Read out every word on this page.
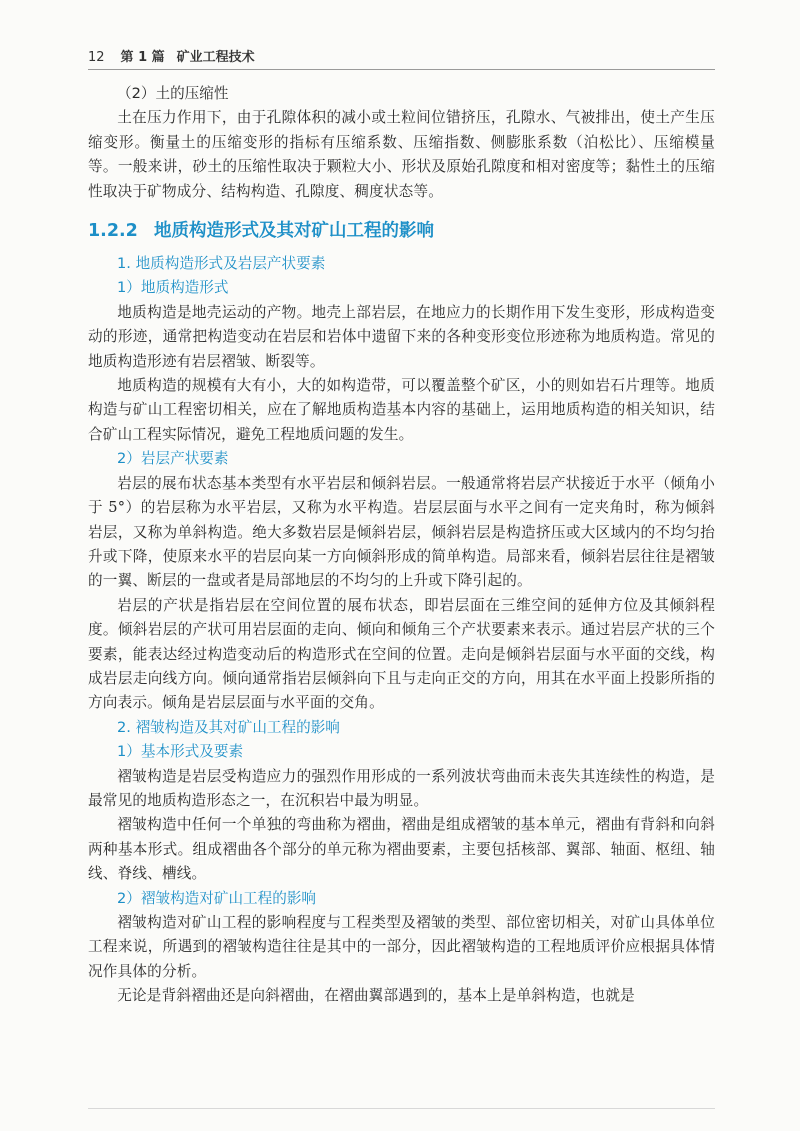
12 第 1 篇 矿业工程技术
（2）土的压缩性

土在压力作用下，由于孔隙体积的减小或土粒间位错挤压，孔隙水、气被排出，使土产生压缩变形。衡量土的压缩变形的指标有压缩系数、压缩指数、侧膨胀系数（泊松比）、压缩模量等。一般来讲，砂土的压缩性取决于颗粒大小、形状及原始孔隙度和相对密度等；黏性土的压缩性取决于矿物成分、结构构造、孔隙度、稠度状态等。

1.2.2 地质构造形式及其对矿山工程的影响
1. 地质构造形式及岩层产状要素
1）地质构造形式

地质构造是地壳运动的产物。地壳上部岩层，在地应力的长期作用下发生变形，形成构造变动的形迹，通常把构造变动在岩层和岩体中遗留下来的各种变形变位形迹称为地质构造。常见的地质构造形迹有岩层褶皱、断裂等。

地质构造的规模有大有小，大的如构造带，可以覆盖整个矿区，小的则如岩石片理等。地质构造与矿山工程密切相关，应在了解地质构造基本内容的基础上，运用地质构造的相关知识，结合矿山工程实际情况，避免工程地质问题的发生。

2）岩层产状要素

岩层的展布状态基本类型有水平岩层和倾斜岩层。一般通常将岩层产状接近于水平（倾角小于 5°）的岩层称为水平岩层，又称为水平构造。岩层层面与水平之间有一定夹角时，称为倾斜岩层，又称为单斜构造。绝大多数岩层是倾斜岩层，倾斜岩层是构造挤压或大区域内的不均匀抬升或下降，使原来水平的岩层向某一方向倾斜形成的简单构造。局部来看，倾斜岩层往往是褶皱的一翼、断层的一盘或者是局部地层的不均匀的上升或下降引起的。

岩层的产状是指岩层在空间位置的展布状态，即岩层面在三维空间的延伸方位及其倾斜程度。倾斜岩层的产状可用岩层面的走向、倾向和倾角三个产状要素来表示。通过岩层产状的三个要素，能表达经过构造变动后的构造形式在空间的位置。走向是倾斜岩层面与水平面的交线，构成岩层走向线方向。倾向通常指岩层倾斜向下且与走向正交的方向，用其在水平面上投影所指的方向表示。倾角是岩层层面与水平面的交角。

2. 褶皱构造及其对矿山工程的影响
1）基本形式及要素

褶皱构造是岩层受构造应力的强烈作用形成的一系列波状弯曲而未丧失其连续性的构造，是最常见的地质构造形态之一，在沉积岩中最为明显。

褶皱构造中任何一个单独的弯曲称为褶曲，褶曲是组成褶皱的基本单元，褶曲有背斜和向斜两种基本形式。组成褶曲各个部分的单元称为褶曲要素，主要包括核部、翼部、轴面、枢纽、轴线、脊线、槽线。

2）褶皱构造对矿山工程的影响

褶皱构造对矿山工程的影响程度与工程类型及褶皱的类型、部位密切相关，对矿山具体单位工程来说，所遇到的褶皱构造往往是其中的一部分，因此褶皱构造的工程地质评价应根据具体情况作具体的分析。

无论是背斜褶曲还是向斜褶曲，在褶曲翼部遇到的，基本上是单斜构造，也就是
